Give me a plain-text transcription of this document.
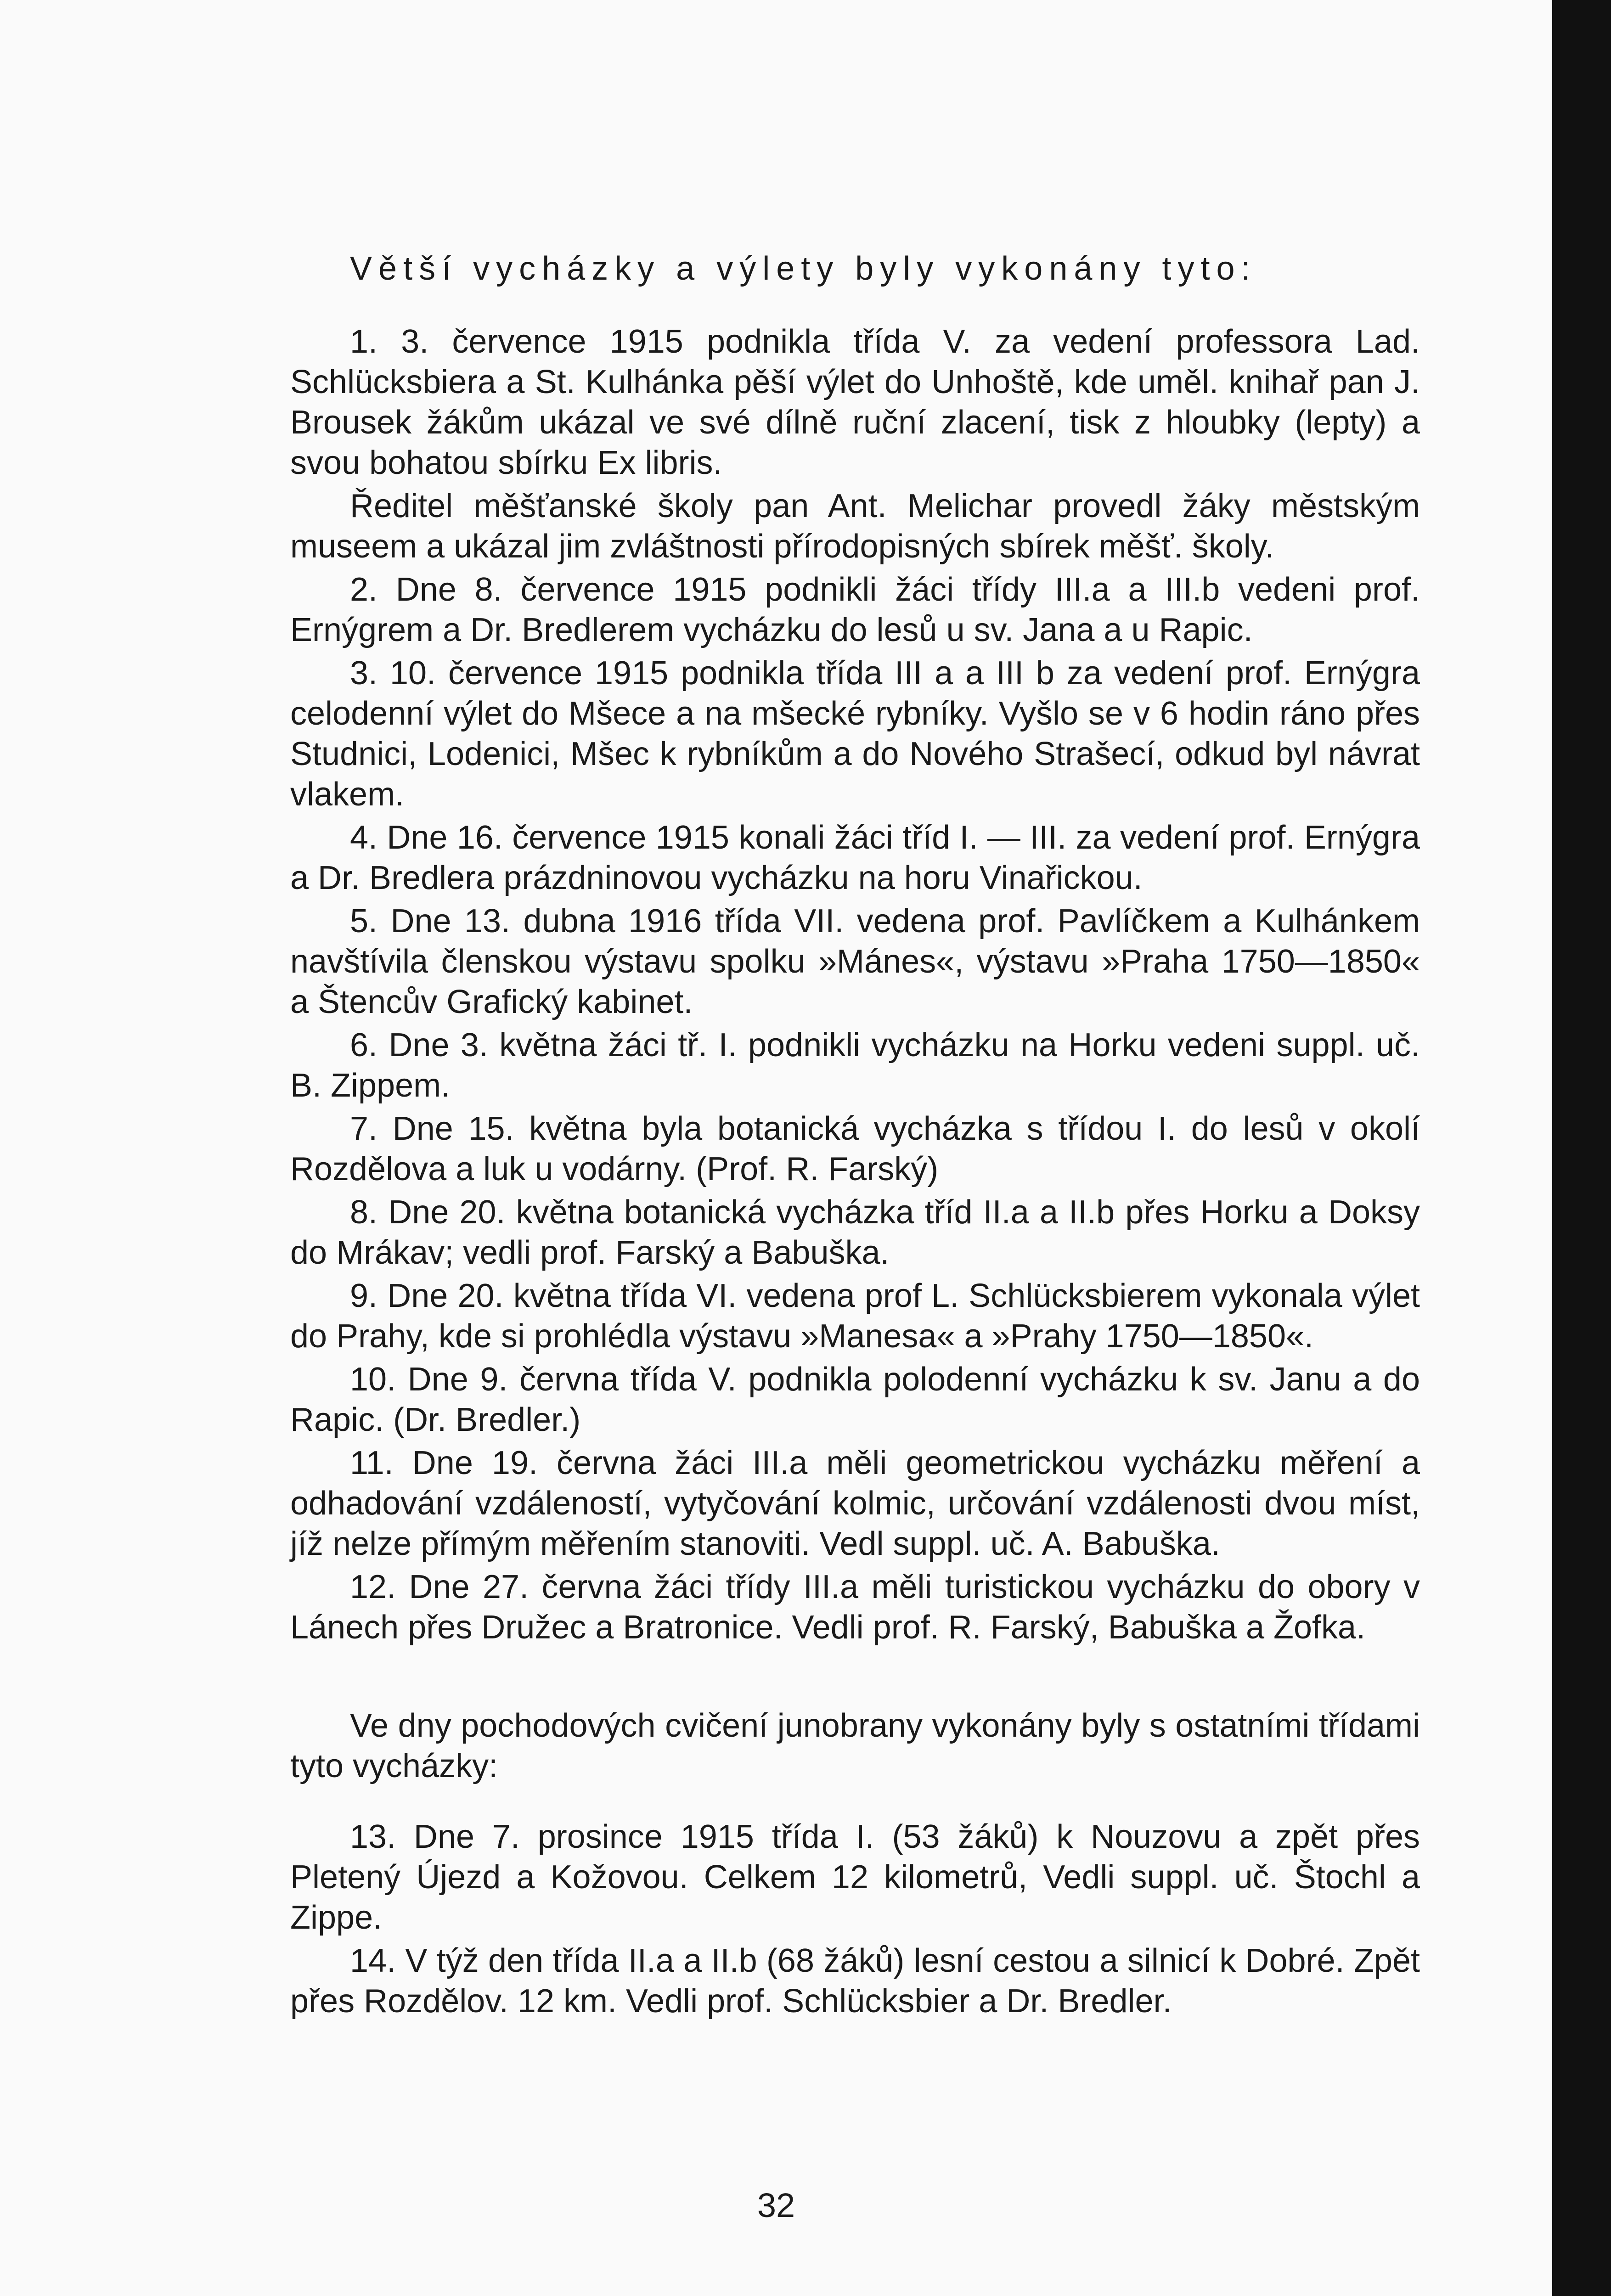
Větší vycházky a výlety byly vykonány tyto:

1. 3. července 1915 podnikla třída V. za vedení professora Lad. Schlücksbiera a St. Kulhánka pěší výlet do Unhoště, kde uměl. knihař pan J. Brousek žákům ukázal ve své dílně ruční zlacení, tisk z hloubky (lepty) a svou bohatou sbírku Ex libris.

Ředitel měšťanské školy pan Ant. Melichar provedl žáky městským museem a ukázal jim zvláštnosti přírodopisných sbírek měšť. školy.

2. Dne 8. července 1915 podnikli žáci třídy III.a a III.b vedeni prof. Ernýgrem a Dr. Bredlerem vycházku do lesů u sv. Jana a u Rapic.

3. 10. července 1915 podnikla třída III a a III b za vedení prof. Ernýgra celodenní výlet do Mšece a na mšecké rybníky. Vyšlo se v 6 hodin ráno přes Studnici, Lodenici, Mšec k rybníkům a do Nového Strašecí, odkud byl návrat vlakem.

4. Dne 16. července 1915 konali žáci tříd I. — III. za vedení prof. Ernýgra a Dr. Bredlera prázdninovou vycházku na horu Vinařickou.

5. Dne 13. dubna 1916 třída VII. vedena prof. Pavlíčkem a Kulhánkem navštívila členskou výstavu spolku »Mánes«, výstavu »Praha 1750—1850« a Štencův Grafický kabinet.

6. Dne 3. května žáci tř. I. podnikli vycházku na Horku vedeni suppl. uč. B. Zippem.

7. Dne 15. května byla botanická vycházka s třídou I. do lesů v okolí Rozdělova a luk u vodárny. (Prof. R. Farský)

8. Dne 20. května botanická vycházka tříd II.a a II.b přes Horku a Doksy do Mrákav; vedli prof. Farský a Babuška.

9. Dne 20. května třída VI. vedena prof L. Schlücksbierem vykonala výlet do Prahy, kde si prohlédla výstavu »Manesa« a »Prahy 1750—1850«.

10. Dne 9. června třída V. podnikla polodenní vycházku k sv. Janu a do Rapic. (Dr. Bredler.)

11. Dne 19. června žáci III.a měli geometrickou vycházku měření a odhadování vzdáleností, vytyčování kolmic, určování vzdálenosti dvou míst, jíž nelze přímým měřením stanoviti. Vedl suppl. uč. A. Babuška.

12. Dne 27. června žáci třídy III.a měli turistickou vycházku do obory v Lánech přes Družec a Bratronice. Vedli prof. R. Farský, Babuška a Žofka.

Ve dny pochodových cvičení junobrany vykonány byly s ostatními třídami tyto vycházky:

13. Dne 7. prosince 1915 třída I. (53 žáků) k Nouzovu a zpět přes Pletený Újezd a Kožovou. Celkem 12 kilometrů, Vedli suppl. uč. Štochl a Zippe.

14. V týž den třída II.a a II.b (68 žáků) lesní cestou a silnicí k Dobré. Zpět přes Rozdělov. 12 km. Vedli prof. Schlücksbier a Dr. Bredler.

32
